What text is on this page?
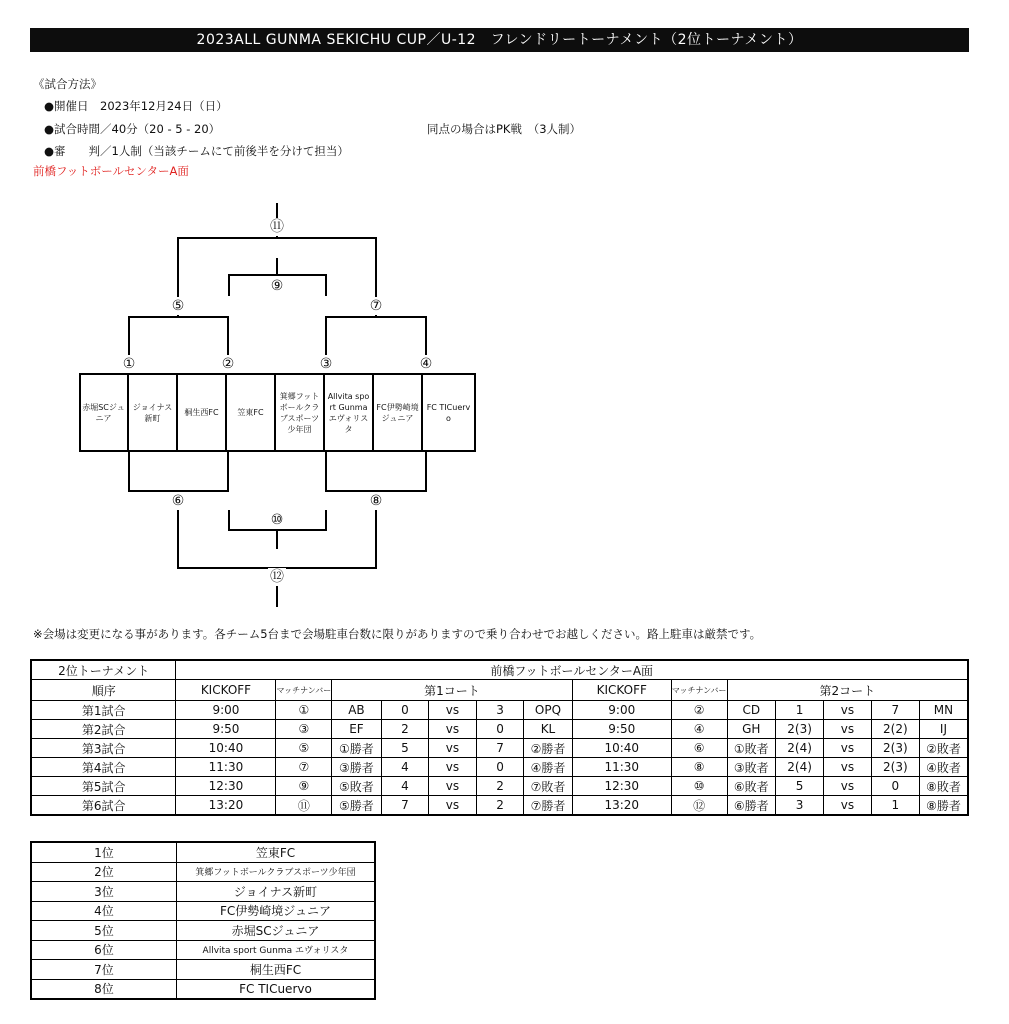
2023ALL GUNMA SEKICHU CUP／U-12　フレンドリートーナメント（2位トーナメント）
《試合方法》
●開催日　2023年12月24日（日）
●試合時間／40分（20 - 5 - 20）	同点の場合はPK戦　（3人制）
●審　　判／1人制（当該チームにて前後半を分けて担当）
前橋フットボールセンターA面
⑪
⑨
⑤	⑦
①	②	③	④
⑥	⑧
⑩
⑫
赤堀SCジュニア
ジョイナス新町
桐生西FC	笠東FC
箕郷フットボールクラブスポーツ少年団
Allvita sport Gunma エヴォリスタ
FC伊勢崎境ジュニア
FC TICuervo
※会場は変更になる事があります。各チーム5台まで会場駐車台数に限りがありますので乗り合わせでお越しください。路上駐車は厳禁です。
2位トーナメント	前橋フットボールセンターA面													
順序	KICKOFF	マッチナンバー	第1コート					KICKOFF	マッチナンバー	第2コート				
第1試合	9:00	①	AB	0	vs	3	OPQ	9:00	②	CD	1	vs	7	MN
第2試合	9:50	③	EF	2	vs	0	KL	9:50	④	GH	2(3)	vs	2(2)	IJ
第3試合	10:40	⑤	①勝者	5	vs	7	②勝者	10:40	⑥	①敗者	2(4)	vs	2(3)	②敗者
第4試合	11:30	⑦	③勝者	4	vs	0	④勝者	11:30	⑧	③敗者	2(4)	vs	2(3)	④敗者
第5試合	12:30	⑨	⑤敗者	4	vs	2	⑦敗者	12:30	⑩	⑥敗者	5	vs	0	⑧敗者
第6試合	13:20	⑪	⑤勝者	7	vs	2	⑦勝者	13:20	⑫	⑥勝者	3	vs	1	⑧勝者
1位	笠東FC
2位	箕郷フットボールクラブスポーツ少年団
3位	ジョイナス新町
4位	FC伊勢崎境ジュニア
5位	赤堀SCジュニア
6位	Allvita sport Gunma エヴォリスタ
7位	桐生西FC
8位	FC TICuervo
